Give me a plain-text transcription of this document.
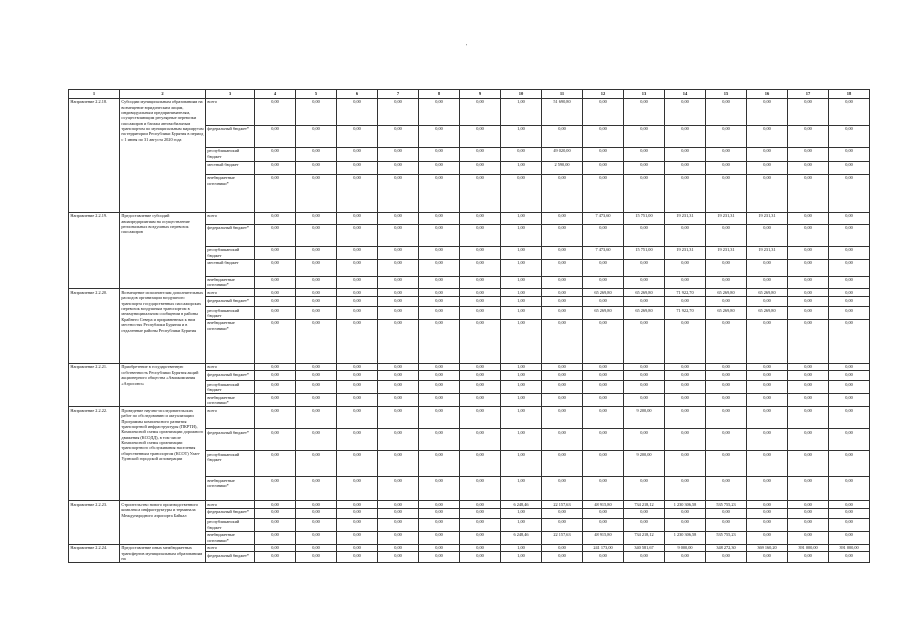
'
1	2	3	4	5	6	7	8	9	10	11	12	13	14	15	16	17	18
Направление 2.2.18.	Субсидии муниципальным образованиям на возмещение юридическим лицам, индивидуальным предпринимателям, осуществляющим регулярные перевозки пассажиров и багажа автомобильным транспортом по муниципальным маршрутам на территории Республики Бурятия в период с 1 июня по 31 августа 2020 года	всего	0,00	0,00	0,00	0,00	0,00	0,00	1,00	51 690,80	0,00	0,00	0,00	0,00	0,00	0,00	0,00
		федеральный бюджет*	0,00	0,00	0,00	0,00	0,00	0,00	1,00	0,00	0,00	0,00	0,00	0,00	0,00	0,00	0,00
		республиканский бюджет	0,00	0,00	0,00	0,00	0,00	0,00	0,00	49 020,00	0,00	0,00	0,00	0,00	0,00	0,00	0,00
		местный бюджет	0,00	0,00	0,00	0,00	0,00	0,00	1,00	2 590,00	0,00	0,00	0,00	0,00	0,00	0,00	0,00
		внебюджетные источники*	0,00	0,00	0,00	0,00	0,00	0,00	0,00	0,00	0,00	0,00	0,00	0,00	0,00	0,00	0,00
Направление 2.2.19.	Предоставление субсидий авиапредприятиям на осуществление региональных воздушных перевозок пассажиров	всего	0,00	0,00	0,00	0,00	0,00	0,00	1,00	0,00	7 473,60	15 751,00	19 231,31	19 231,31	19 231,31	0,00	0,00
		федеральный бюджет*	0,00	0,00	0,00	0,00	0,00	0,00	1,00	0,00	0,00	0,00	0,00	0,00	0,00	0,00	0,00
		республиканский бюджет	0,00	0,00	0,00	0,00	0,00	0,00	1,00	0,00	7 473,60	15 751,00	19 231,31	19 231,31	19 231,31	0,00	0,00
		местный бюджет	0,00	0,00	0,00	0,00	0,00	0,00	1,00	0,00	0,00	0,00	0,00	0,00	0,00	0,00	0,00
		внебюджетные источники*	0,00	0,00	0,00	0,00	0,00	0,00	1,00	0,00	0,00	0,00	0,00	0,00	0,00	0,00	0,00
Направление 2.2.20.	Возмещение исполнителям дополнительных расходов организации воздушного транспорта государственных пассажирских перевозок воздушным транспортом в межмуниципальном сообщении в районы Крайнего Севера и приравненных к ним местностях Республики Бурятия и в отдаленные районы Республики Бурятия	всего	0,00	0,00	0,00	0,00	0,00	0,00	1,00	0,00	65 269,80	65 269,80	71 922,70	65 269,80	65 269,80	0,00	0,00
		федеральный бюджет*	0,00	0,00	0,00	0,00	0,00	0,00	1,00	0,00	0,00	0,00	0,00	0,00	0,00	0,00	0,00
		республиканский бюджет	0,00	0,00	0,00	0,00	0,00	0,00	1,00	0,00	65 269,80	65 269,80	71 922,70	65 269,80	65 269,80	0,00	0,00
		внебюджетные источники*	0,00	0,00	0,00	0,00	0,00	0,00	1,00	0,00	0,00	0,00	0,00	0,00	0,00	0,00	0,00
Направление 2.2.21.	Приобретение в государственную собственность Республики Бурятия акций акционерного общества «Авиакомпания «Аэросоюз»	всего	0,00	0,00	0,00	0,00	0,00	0,00	1,00	0,00	0,00	0,00	0,00	0,00	0,00	0,00	0,00
		федеральный бюджет*	0,00	0,00	0,00	0,00	0,00	0,00	1,00	0,00	0,00	0,00	0,00	0,00	0,00	0,00	0,00
		республиканский бюджет	0,00	0,00	0,00	0,00	0,00	0,00	1,00	0,00	0,00	0,00	0,00	0,00	0,00	0,00	0,00
		внебюджетные источники*	0,00	0,00	0,00	0,00	0,00	0,00	1,00	0,00	0,00	0,00	0,00	0,00	0,00	0,00	0,00
Направление 2.2.22.	Проведение научно-исследовательских работ по обследованию и актуализации Программы комплексного развития транспортной инфраструктуры (ПКРТИ), Комплексной схемы организации дорожного движения (КСОДД), в том числе Комплексной схемы организации транспортного обслуживания населения общественным транспортом (КСОТ) Улан-Удэнской городской агломерации	всего	0,00	0,00	0,00	0,00	0,00	0,00	1,00	0,00	0,00	9 200,00	0,00	0,00	0,00	0,00	0,00
		федеральный бюджет*	0,00	0,00	0,00	0,00	0,00	0,00	1,00	0,00	0,00	0,00	0,00	0,00	0,00	0,00	0,00
		республиканский бюджет	0,00	0,00	0,00	0,00	0,00	0,00	1,00	0,00	0,00	9 200,00	0,00	0,00	0,00	0,00	0,00
		внебюджетные источники*	0,00	0,00	0,00	0,00	0,00	0,00	1,00	0,00	0,00	0,00	0,00	0,00	0,00	0,00	0,00
Направление 2.2.23.	Строительство нового производственного комплекса инфраструктуры и терминала Международного аэропорта Байкал	всего	0,00	0,00	0,00	0,00	0,00	0,00	6 248,46	22 157,63	48 915,80	734 218,12	1 230 306,58	535 755,23	0,00	0,00	0,00
		федеральный бюджет*	0,00	0,00	0,00	0,00	0,00	0,00	1,00	0,00	0,00	0,00	0,00	0,00	0,00	0,00	0,00
		республиканский бюджет	0,00	0,00	0,00	0,00	0,00	0,00	1,00	0,00	0,00	0,00	0,00	0,00	0,00	0,00	0,00
		внебюджетные источники*	0,00	0,00	0,00	0,00	0,00	0,00	6 248,46	22 157,63	48 915,80	734 218,12	1 230 306,58	535 755,23	0,00	0,00	0,00
Направление 2.2.24.	Предоставление иных межбюджетных трансфертов муниципальным образованиям на	всего	0,00	0,00	0,00	0,00	0,00	0,00	1,00	0,00	241 173,00	340 581,67	9 000,00	348 272,30	369 160,20	391 000,00	391 000,00
		федеральный бюджет*	0,00	0,00	0,00	0,00	0,00	0,00	1,00	0,00	0,00	0,00	0,00	0,00	0,00	0,00	0,00
